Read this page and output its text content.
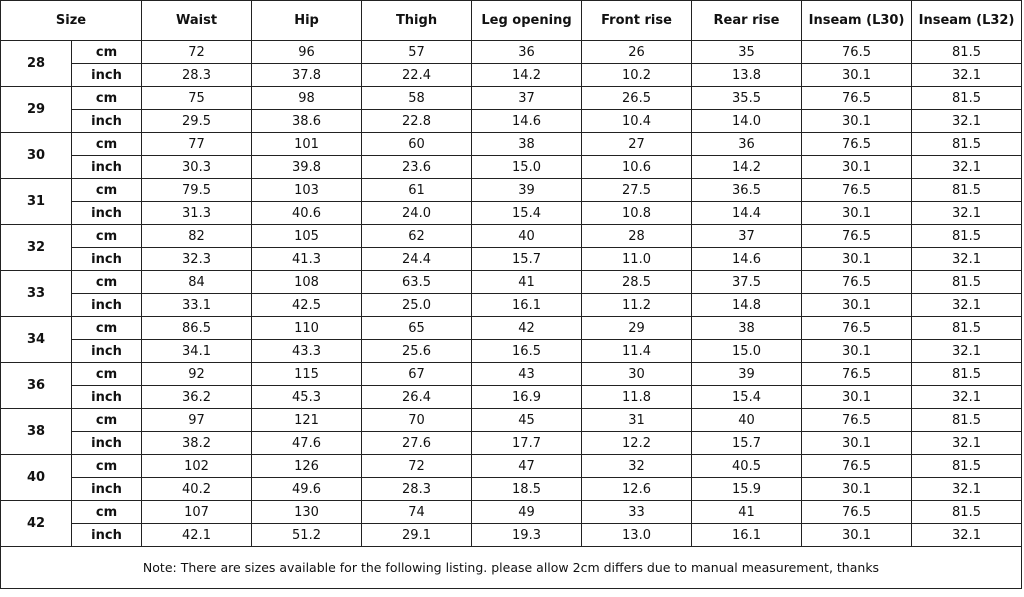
Size		Waist	Hip	Thigh	Leg opening	Front rise	Rear rise	Inseam (L30)	Inseam (L32)
28	cm	72	96	57	36	26	35	76.5	81.5
	inch	28.3	37.8	22.4	14.2	10.2	13.8	30.1	32.1
29	cm	75	98	58	37	26.5	35.5	76.5	81.5
	inch	29.5	38.6	22.8	14.6	10.4	14.0	30.1	32.1
30	cm	77	101	60	38	27	36	76.5	81.5
	inch	30.3	39.8	23.6	15.0	10.6	14.2	30.1	32.1
31	cm	79.5	103	61	39	27.5	36.5	76.5	81.5
	inch	31.3	40.6	24.0	15.4	10.8	14.4	30.1	32.1
32	cm	82	105	62	40	28	37	76.5	81.5
	inch	32.3	41.3	24.4	15.7	11.0	14.6	30.1	32.1
33	cm	84	108	63.5	41	28.5	37.5	76.5	81.5
	inch	33.1	42.5	25.0	16.1	11.2	14.8	30.1	32.1
34	cm	86.5	110	65	42	29	38	76.5	81.5
	inch	34.1	43.3	25.6	16.5	11.4	15.0	30.1	32.1
36	cm	92	115	67	43	30	39	76.5	81.5
	inch	36.2	45.3	26.4	16.9	11.8	15.4	30.1	32.1
38	cm	97	121	70	45	31	40	76.5	81.5
	inch	38.2	47.6	27.6	17.7	12.2	15.7	30.1	32.1
40	cm	102	126	72	47	32	40.5	76.5	81.5
	inch	40.2	49.6	28.3	18.5	12.6	15.9	30.1	32.1
42	cm	107	130	74	49	33	41	76.5	81.5
	inch	42.1	51.2	29.1	19.3	13.0	16.1	30.1	32.1
Note: There are sizes available for the following listing. please allow 2cm differs due to manual measurement, thanks									
